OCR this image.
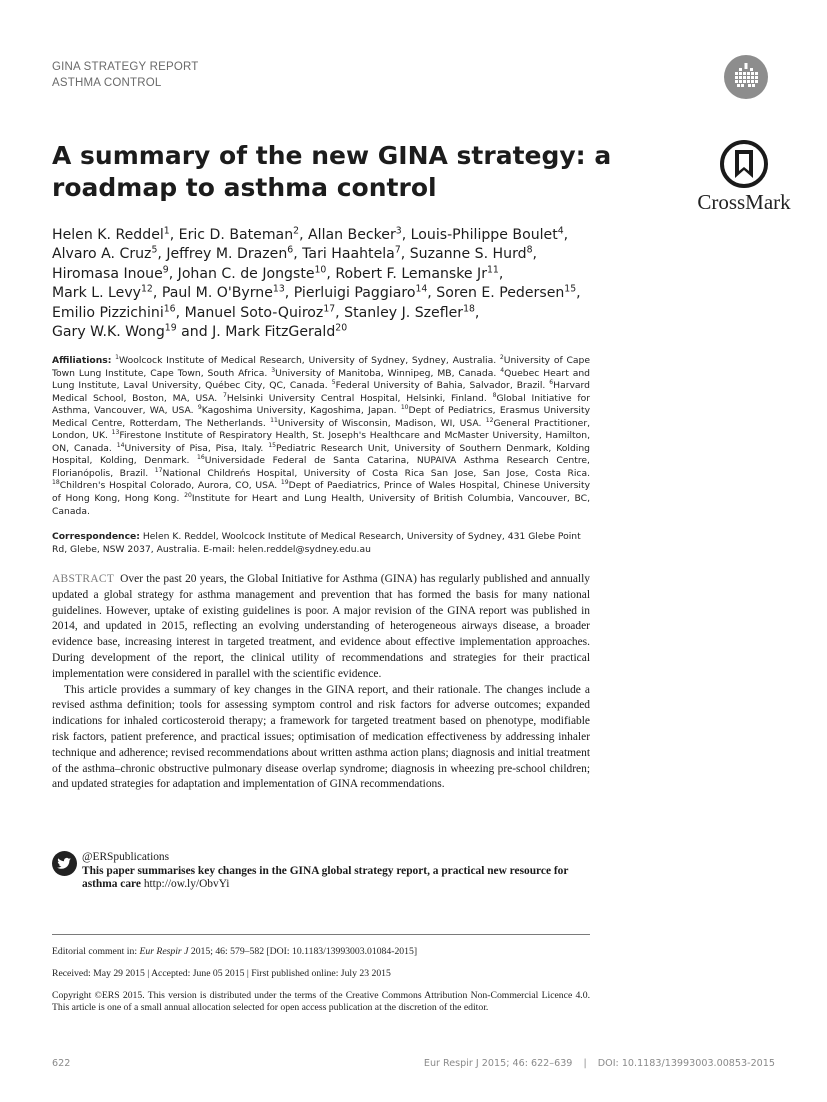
GINA STRATEGY REPORT
ASTHMA CONTROL
A summary of the new GINA strategy: a roadmap to asthma control	CrossMark
Helen K. Reddel$^1$, Eric D. Bateman$^2$, Allan Becker$^3$, Louis-Philippe Boulet$^4$,
Alvaro A. Cruz$^5$, Jeffrey M. Drazen$^6$, Tari Haahtela$^7$, Suzanne S. Hurd$^8$,
Hiromasa Inoue$^9$, Johan C. de Jongste$^{10}$, Robert F. Lemanske Jr$^{11}$,
Mark L. Levy$^{12}$, Paul M. O'Byrne$^{13}$, Pierluigi Paggiaro$^{14}$, Soren E. Pedersen$^{15}$,
Emilio Pizzichini$^{16}$, Manuel Soto-Quiroz$^{17}$, Stanley J. Szefler$^{18}$,
Gary W.K. Wong$^{19}$ and J. Mark FitzGerald$^{20}$
Affiliations: $^1$Woolcock Institute of Medical Research, University of Sydney, Sydney, Australia. $^2$University of Cape Town Lung Institute, Cape Town, South Africa. $^3$University of Manitoba, Winnipeg, MB, Canada. $^4$Quebec Heart and Lung Institute, Laval University, Québec City, QC, Canada. $^5$Federal University of Bahia, Salvador, Brazil. $^6$Harvard Medical School, Boston, MA, USA. $^7$Helsinki University Central Hospital, Helsinki, Finland. $^8$Global Initiative for Asthma, Vancouver, WA, USA. $^9$Kagoshima University, Kagoshima, Japan. $^{10}$Dept of Pediatrics, Erasmus University Medical Centre, Rotterdam, The Netherlands. $^{11}$University of Wisconsin, Madison, WI, USA. $^{12}$General Practitioner, London, UK. $^{13}$Firestone Institute of Respiratory Health, St. Joseph's Healthcare and McMaster University, Hamilton, ON, Canada. $^{14}$University of Pisa, Pisa, Italy. $^{15}$Pediatric Research Unit, University of Southern Denmark, Kolding Hospital, Kolding, Denmark. $^{16}$Universidade Federal de Santa Catarina, NUPAIVA Asthma Research Centre, Florianópolis, Brazil. $^{17}$National Childreńs Hospital, University of Costa Rica San Jose, San Jose, Costa Rica. $^{18}$Children's Hospital Colorado, Aurora, CO, USA. $^{19}$Dept of Paediatrics, Prince of Wales Hospital, Chinese University of Hong Kong, Hong Kong. $^{20}$Institute for Heart and Lung Health, University of British Columbia, Vancouver, BC, Canada.
Correspondence: Helen K. Reddel, Woolcock Institute of Medical Research, University of Sydney, 431 Glebe Point Rd, Glebe, NSW 2037, Australia. E-mail: helen.reddel@sydney.edu.au

ABSTRACT Over the past 20 years, the Global Initiative for Asthma (GINA) has regularly published and annually updated a global strategy for asthma management and prevention that has formed the basis for many national guidelines. However, uptake of existing guidelines is poor. A major revision of the GINA report was published in 2014, and updated in 2015, reflecting an evolving understanding of heterogeneous airways disease, a broader evidence base, increasing interest in targeted treatment, and evidence about effective implementation approaches. During development of the report, the clinical utility of recommendations and strategies for their practical implementation were considered in parallel with the scientific evidence.

This article provides a summary of key changes in the GINA report, and their rationale. The changes include a revised asthma definition; tools for assessing symptom control and risk factors for adverse outcomes; expanded indications for inhaled corticosteroid therapy; a framework for targeted treatment based on phenotype, modifiable risk factors, patient preference, and practical issues; optimisation of medication effectiveness by addressing inhaler technique and adherence; revised recommendations about written asthma action plans; diagnosis and initial treatment of the asthma–chronic obstructive pulmonary disease overlap syndrome; diagnosis in wheezing pre-school children; and updated strategies for adaptation and implementation of GINA recommendations.

@ERSpublications
This paper summarises key changes in the GINA global strategy report, a practical new resource for asthma care http://ow.ly/ObvYi
Editorial comment in: Eur Respir J 2015; 46: 579–582 [DOI: 10.1183/13993003.01084-2015]
Received: May 29 2015 | Accepted: June 05 2015 | First published online: July 23 2015
Copyright ©ERS 2015. This version is distributed under the terms of the Creative Commons Attribution Non-Commercial Licence 4.0. This article is one of a small annual allocation selected for open access publication at the discretion of the editor.
622	Eur Respir J 2015; 46: 622–639 | DOI: 10.1183/13993003.00853-2015
